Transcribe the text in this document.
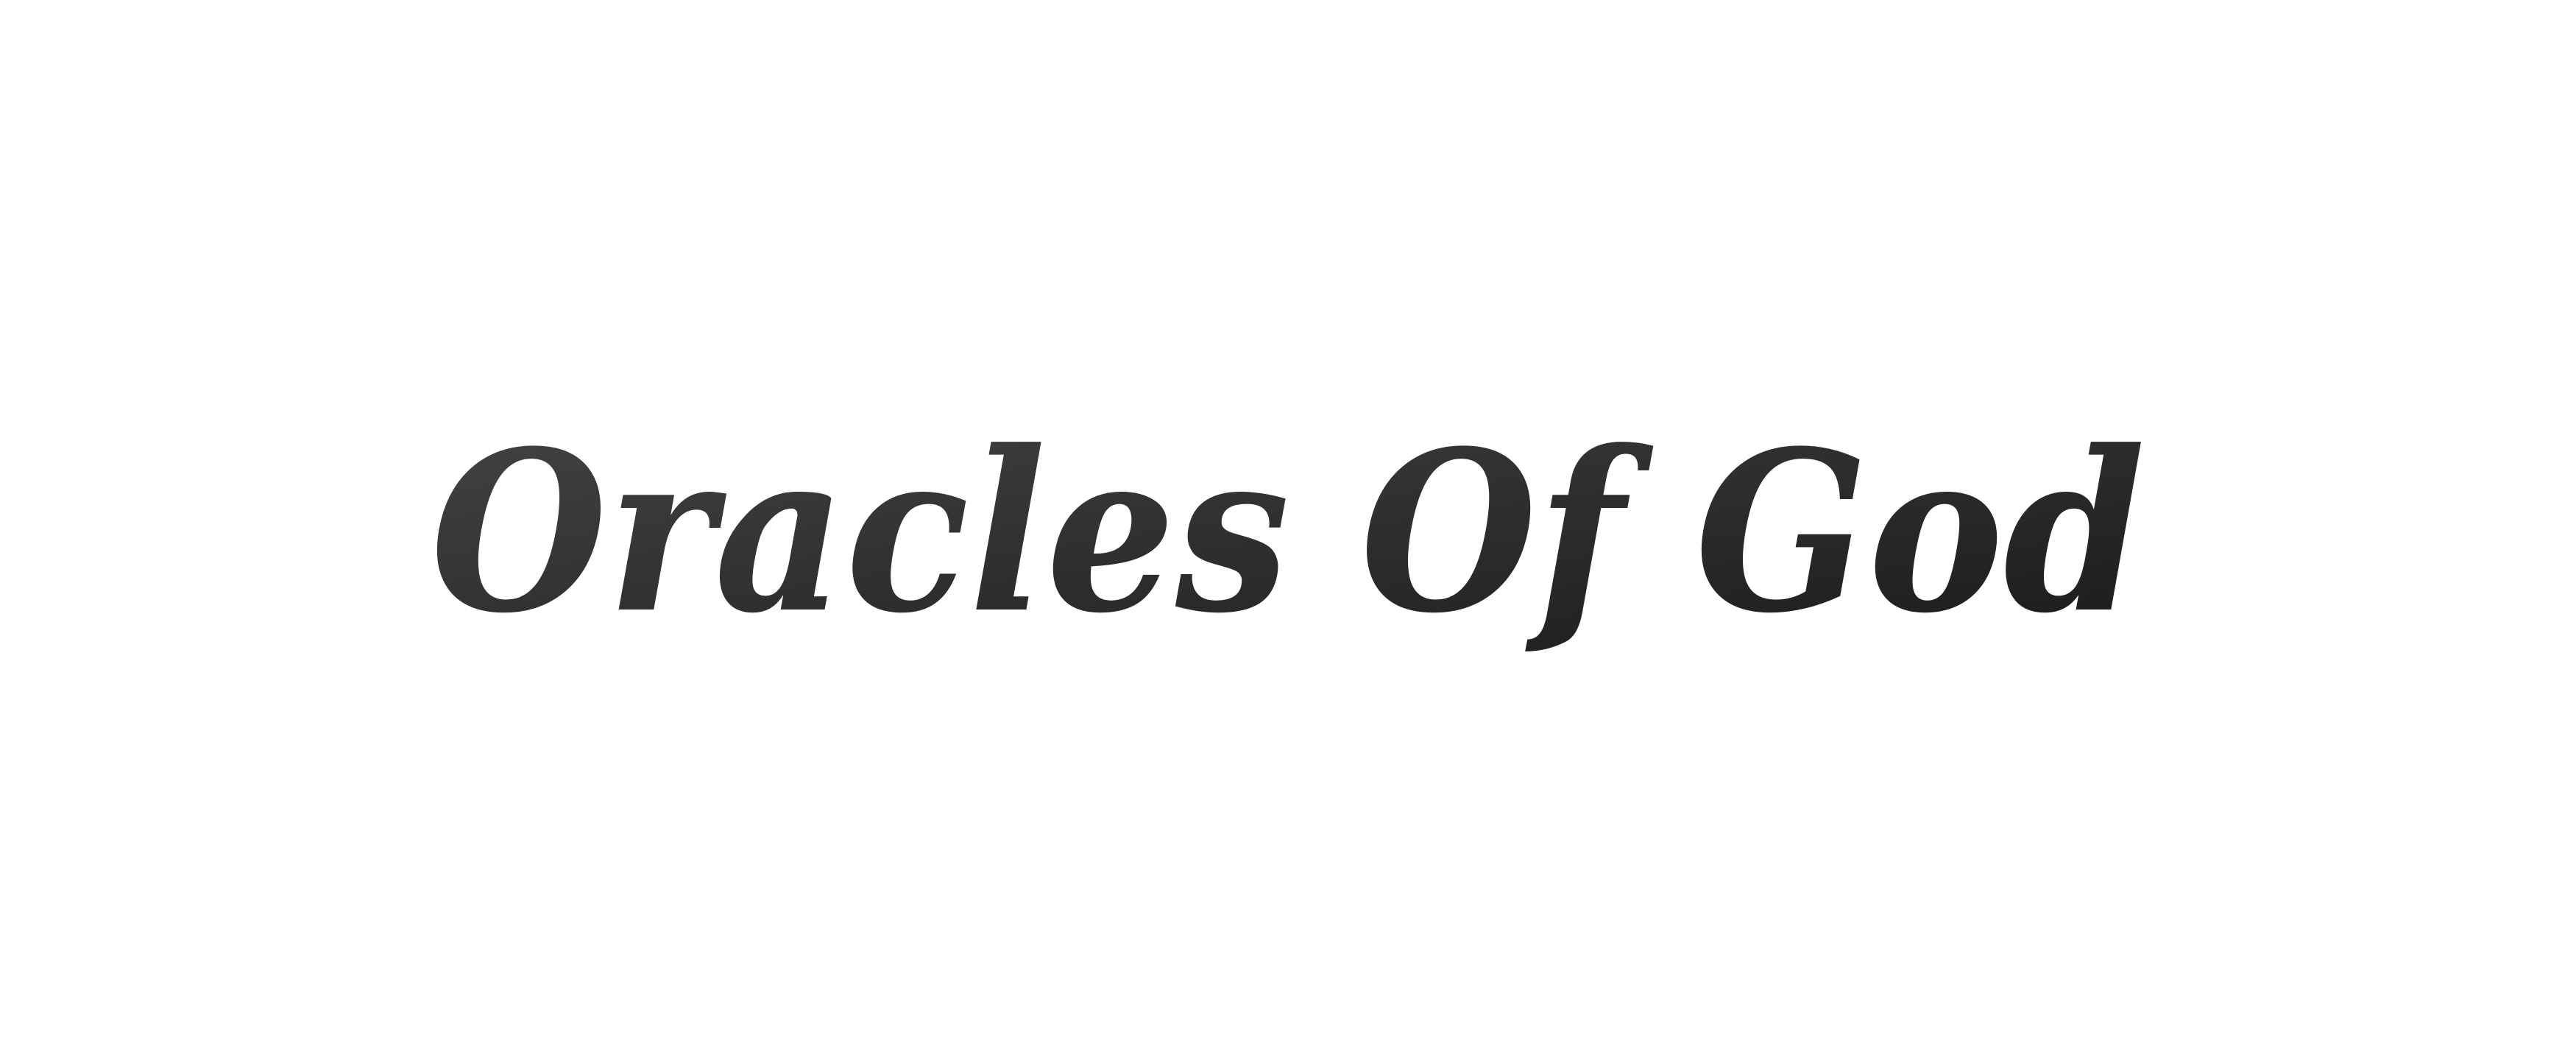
Oracles Of God
